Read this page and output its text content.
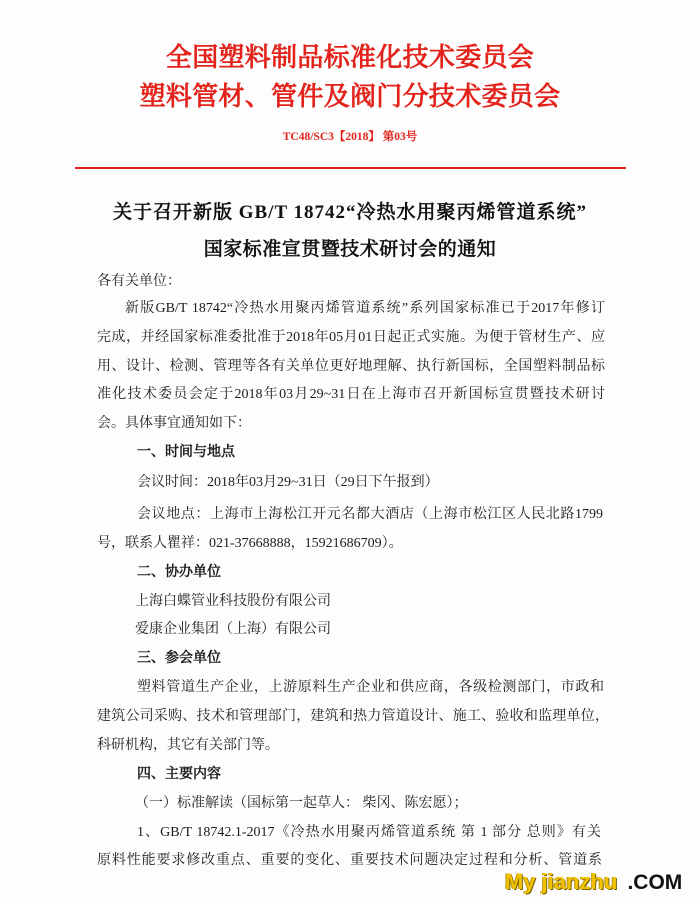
全国塑料制品标准化技术委员会
塑料管材、管件及阀门分技术委员会
TC48/SC3【2018】 第03号
关于召开新版 GB/T 18742“冷热水用聚丙烯管道系统”
国家标准宣贯暨技术研讨会的通知
各有关单位：
新版GB/T 18742“冷热水用聚丙烯管道系统”系列国家标准已于2017年修订
完成，并经国家标准委批准于2018年05月01日起正式实施。为便于管材生产、应
用、设计、检测、管理等各有关单位更好地理解、执行新国标，全国塑料制品标
准化技术委员会定于2018年03月29~31日在上海市召开新国标宣贯暨技术研讨
会。具体事宜通知如下：
一、时间与地点
会议时间：2018年03月29~31日（29日下午报到）
会议地点：上海市上海松江开元名都大酒店（上海市松江区人民北路1799
号，联系人瞿祥：021-37668888，15921686709）。
二、协办单位
上海白蝶管业科技股份有限公司
爱康企业集团（上海）有限公司
三、参会单位
塑料管道生产企业，上游原料生产企业和供应商，各级检测部门，市政和
建筑公司采购、技术和管理部门，建筑和热力管道设计、施工、验收和监理单位，
科研机构，其它有关部门等。
四、主要内容
（一）标准解读（国标第一起草人： 柴冈、陈宏愿）；
1、GB/T 18742.1-2017《冷热水用聚丙烯管道系统 第 1 部分 总则》有关
原料性能要求修改重点、重要的变化、重要技术问题决定过程和分析、管道系
My jianzhu .COM
